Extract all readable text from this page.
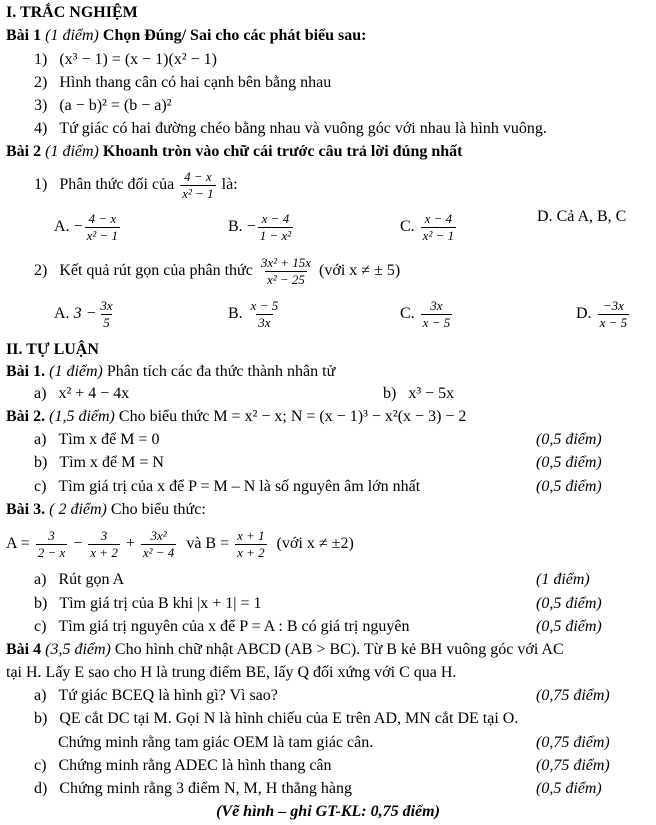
I. TRẮC NGHIỆM
Bài 1 (1 điểm) Chọn Đúng/ Sai cho các phát biểu sau:
1) (x³ − 1) = (x − 1)(x² − 1)
2) Hình thang cân có hai cạnh bên bằng nhau
3) (a − b)² = (b − a)²
4) Tứ giác có hai đường chéo bằng nhau và vuông góc với nhau là hình vuông.
Bài 2 (1 điểm) Khoanh tròn vào chữ cái trước câu trả lời đúng nhất
1) Phân thức đối của $\frac{4 - x}{\text{x² − 1}}$ là:
A. − $\frac{4 - x}{\text{x² − 1}}$	B. − $\frac{x - 4}{\text{1 − x²}}$	C. $\frac{x - 4}{\text{x² − 1}}$	D. Cả A, B, C
2) Kết quả rút gọn của phân thức $\frac{\text{3x² + 15x}}{\text{x² − 25}}$ (với x ≠ ± 5)
A. $3 - \frac{3x}{5}$	B. $\frac{x - 5}{3x}$	C. $\frac{3x}{x - 5}$	D. $\frac{-3x}{x - 5}$
II. TỰ LUẬN
Bài 1. (1 điểm) Phân tích các đa thức thành nhân tử
a) x² + 4 − 4x	b) x³ − 5x
Bài 2. (1,5 điểm) Cho biểu thức M = x² − x; N = (x − 1)³ − x²(x − 3) − 2
a) Tìm x để M = 0	(0,5 điểm)
b) Tìm x để M = N	(0,5 điểm)
c) Tìm giá trị của x để P = M – N là số nguyên âm lớn nhất	(0,5 điểm)
Bài 3. ( 2 điểm) Cho biểu thức:
$A = \frac{3}{2 - x} - \frac{3}{x + 2} + \frac{\text{3x²}}{\text{x² − 4}}$ và $B = \frac{x + 1}{x + 2}$ (với x ≠ ±2)
a) Rút gọn A	(1 điểm)
b) Tìm giá trị của B khi |x + 1| = 1	(0,5 điểm)
c) Tìm giá trị nguyên của x để P = A : B có giá trị nguyên	(0,5 điểm)
Bài 4 (3,5 điểm) Cho hình chữ nhật ABCD (AB > BC). Từ B kẻ BH vuông góc với AC
tại H. Lấy E sao cho H là trung điểm BE, lấy Q đối xứng với C qua H.
a) Tứ giác BCEQ là hình gì? Vì sao?	(0,75 điểm)
b) QE cắt DC tại M. Gọi N là hình chiếu của E trên AD, MN cắt DE tại O.
Chứng minh rằng tam giác OEM là tam giác cân.	(0,75 điểm)
c) Chứng minh rằng ADEC là hình thang cân	(0,75 điểm)
d) Chứng minh rằng 3 điểm N, M, H thẳng hàng	(0,5 điểm)
(Vẽ hình – ghi GT-KL: 0,75 điểm)
